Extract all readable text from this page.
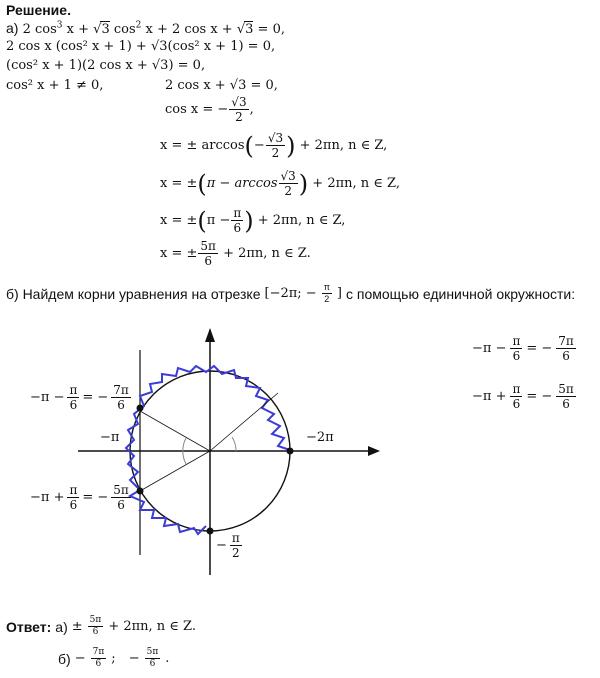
Решение.
а) 2 $\cos^3 x + √3$ $\cos^2 x + 2$ cos x + √3 = 0,
2 cos x (cos² x + 1) + √3(cos² x + 1) = 0,
(cos² x + 1)(2 cos x + √3) = 0,
cos² x + 1 ≠ 0,	2 cos x + √3 = 0,
cos x = − $\frac{√3}{2}$ ,
x = ± arccos ( − $\frac{√3}{2}$ )
+ 2πn, n ∈ Z,
x = ± ( $\pi - \arccos \frac{√3}{2}$ )
+ 2πn, n ∈ Z,
x = ± ( $\pi - \frac{\pi}{6}$ )
+ 2πn, n ∈ Z,
x = ± $\frac{5\pi}{6}$
+ 2πn, n ∈ Z.
б) Найдем корни уравнения на отрезке [−2π; − $\frac{\pi}{2}$ ] с помощью единичной окружности:
$-\pi - \frac{\pi}{6}$ = − $\frac{7\pi}{6}$
$-\pi + \frac{\pi}{6}$ = − $\frac{5\pi}{6}$
$-\pi - \frac{\pi}{6}$ = − $\frac{7\pi}{6}$
−π
$-\pi + \frac{\pi}{6}$ = − $\frac{5\pi}{6}$
−2π
− $\frac{\pi}{2}$
Ответ: $а) \pm \frac{5\pi}{6} + 2\pi n$, n ∈ Z.
$б) - \frac{7\pi}{6}$ ;
− $\frac{5\pi}{6}$ .
